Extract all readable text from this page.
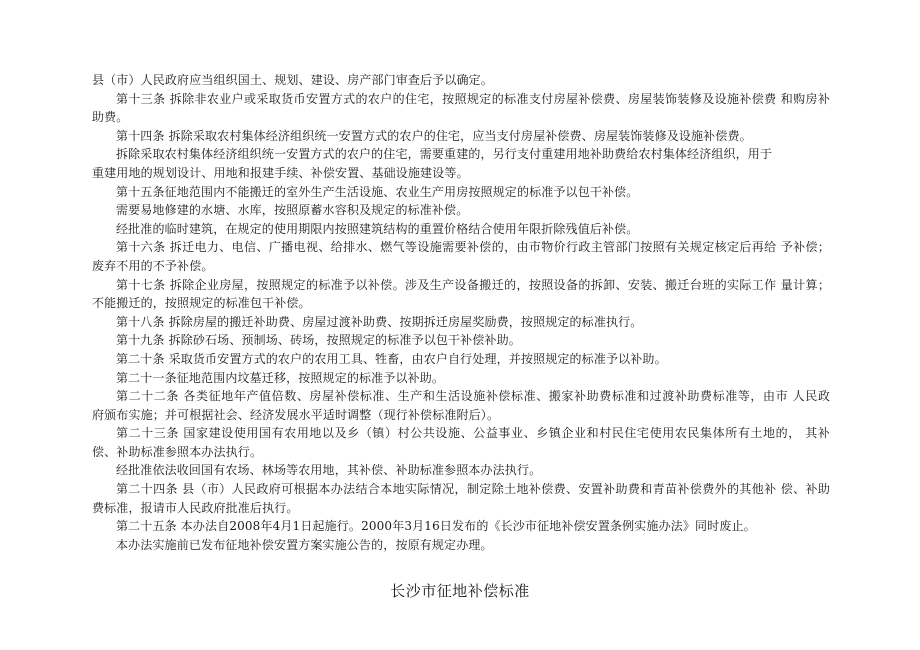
县（市）人民政府应当组织国土、规划、建设、房产部门审查后予以确定。

第十三条 拆除非农业户或采取货币安置方式的农户的住宅，按照规定的标准支付房屋补偿费、房屋装饰装修及设施补偿费 和购房补

助费。

第十四条 拆除采取农村集体经济组织统一安置方式的农户的住宅，应当支付房屋补偿费、房屋装饰装修及设施补偿费。

拆除采取农村集体经济组织统一安置方式的农户的住宅，需要重建的，另行支付重建用地补助费给农村集体经济组织，用于

重建用地的规划设计、用地和报建手续、补偿安置、基础设施建设等。

第十五条征地范围内不能搬迁的室外生产生活设施、农业生产用房按照规定的标准予以包干补偿。

需要易地修建的水塘、水库，按照原蓄水容积及规定的标准补偿。

经批准的临时建筑，在规定的使用期限内按照建筑结构的重置价格结合使用年限折除残值后补偿。

第十六条 拆迁电力、电信、广播电视、给排水、燃气等设施需要补偿的，由市物价行政主管部门按照有关规定核定后再给 予补偿；

废弃不用的不予补偿。

第十七条 拆除企业房屋，按照规定的标准予以补偿。涉及生产设备搬迁的，按照设备的拆卸、安装、搬迁台班的实际工作 量计算；

不能搬迁的，按照规定的标准包干补偿。

第十八条 拆除房屋的搬迁补助费、房屋过渡补助费、按期拆迁房屋奖励费，按照规定的标准执行。

第十九条 拆除砂石场、预制场、砖场，按照规定的标准予以包干补偿补助。

第二十条 采取货币安置方式的农户的农用工具、牲畜，由农户自行处理，并按照规定的标准予以补助。

第二十一条征地范围内坟墓迁移，按照规定的标准予以补助。

第二十二条 各类征地年产值倍数、房屋补偿标准、生产和生活设施补偿标准、搬家补助费标准和过渡补助费标准等，由市 人民政

府颁布实施；并可根据社会、经济发展水平适时调整（现行补偿标准附后）。

第二十三条 国家建设使用国有农用地以及乡（镇）村公共设施、公益事业、乡镇企业和村民住宅使用农民集体所有土地的， 其补

偿、补助标准参照本办法执行。

经批准依法收回国有农场、林场等农用地，其补偿、补助标准参照本办法执行。

第二十四条 县（市）人民政府可根据本办法结合本地实际情况，制定除土地补偿费、安置补助费和青苗补偿费外的其他补 偿、补助

费标准，报请市人民政府批准后执行。

第二十五条 本办法自2008年4月1日起施行。2000年3月16日发布的《长沙市征地补偿安置条例实施办法》同时废止。

本办法实施前已发布征地补偿安置方案实施公告的，按原有规定办理。

长沙市征地补偿标准
